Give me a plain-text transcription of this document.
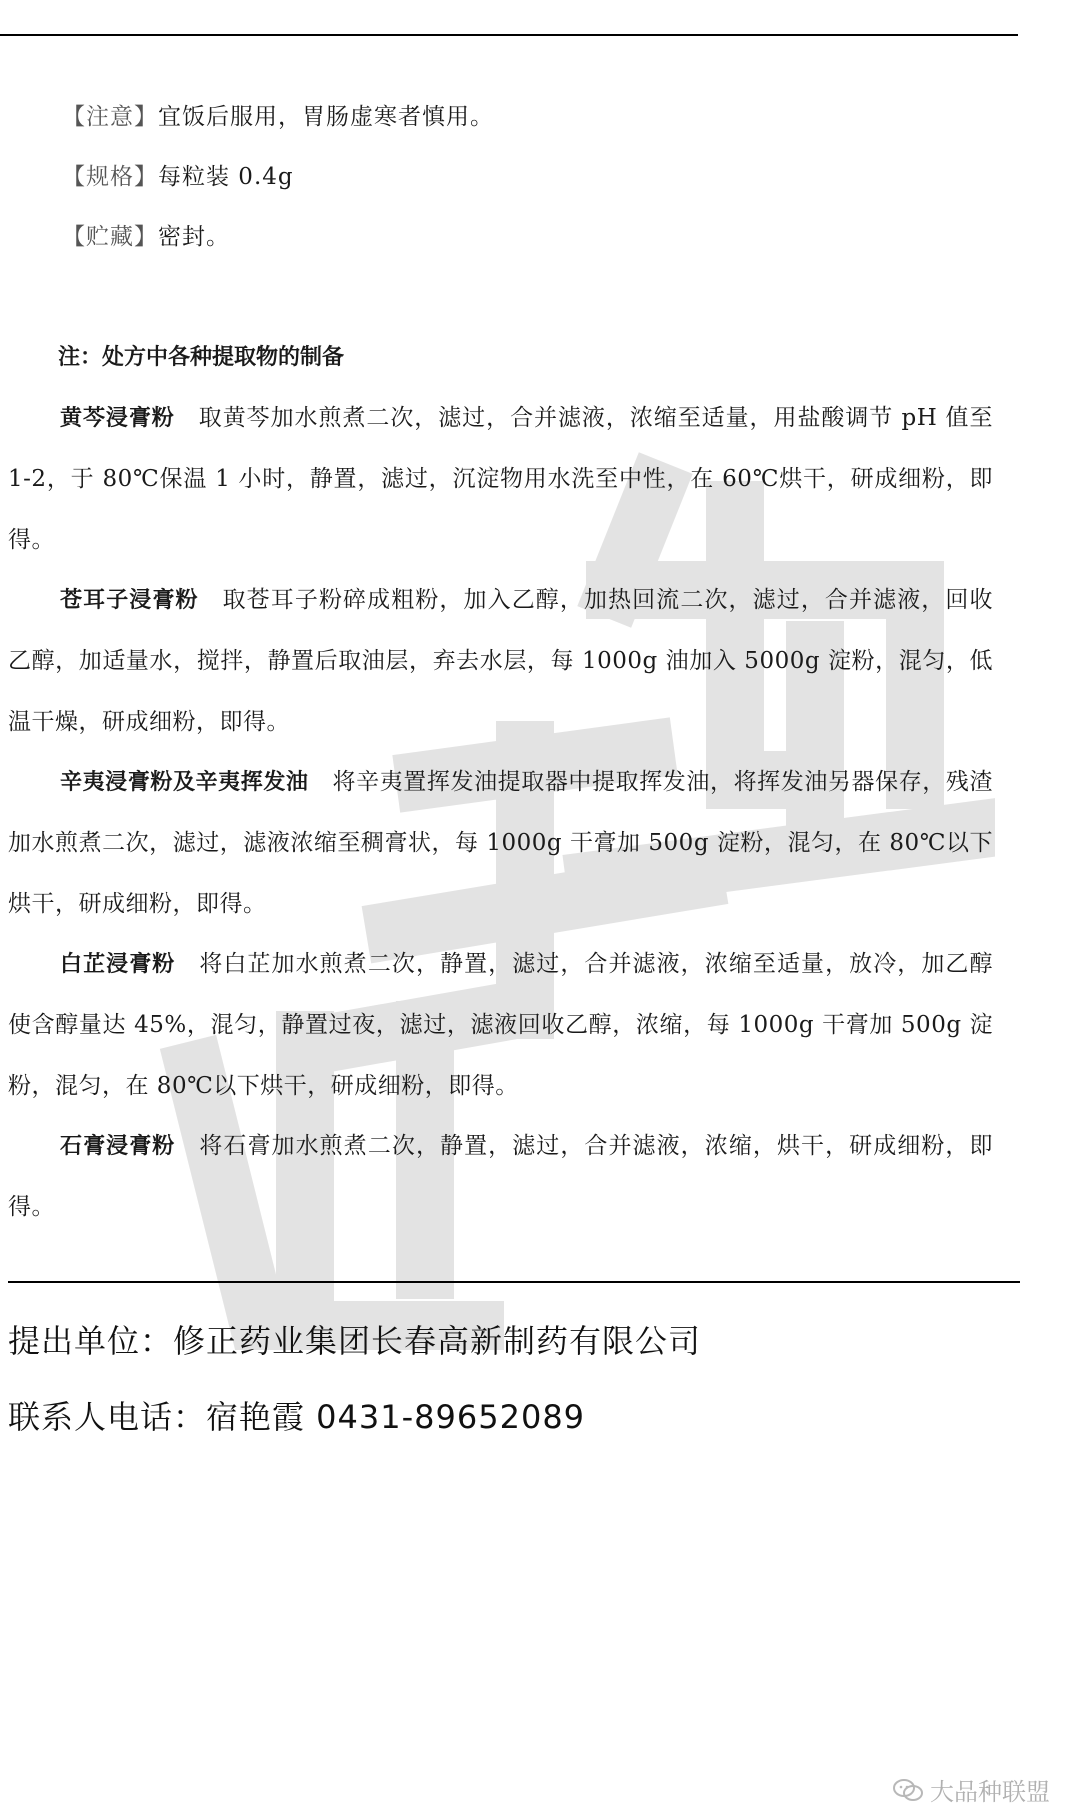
【注意】宜饭后服用，胃肠虚寒者慎用。
【规格】每粒装 0.4g
【贮藏】密封。
注：处方中各种提取物的制备
黄芩浸膏粉 取黄芩加水煎煮二次，滤过，合并滤液，浓缩至适量，用盐酸调节 pH 值至 1-2，于 80℃保温 1 小时，静置，滤过，沉淀物用水洗至中性，在 60℃烘干，研成细粉，即得。
苍耳子浸膏粉 取苍耳子粉碎成粗粉，加入乙醇，加热回流二次，滤过，合并滤液，回收乙醇，加适量水，搅拌，静置后取油层，弃去水层，每 1000g 油加入 5000g 淀粉，混匀，低温干燥，研成细粉，即得。
辛夷浸膏粉及辛夷挥发油 将辛夷置挥发油提取器中提取挥发油，将挥发油另器保存，残渣加水煎煮二次，滤过，滤液浓缩至稠膏状，每 1000g 干膏加 500g 淀粉，混匀，在 80℃以下烘干，研成细粉，即得。
白芷浸膏粉 将白芷加水煎煮二次，静置，滤过，合并滤液，浓缩至适量，放冷，加乙醇使含醇量达 45%，混匀，静置过夜，滤过，滤液回收乙醇，浓缩，每 1000g 干膏加 500g 淀粉，混匀，在 80℃以下烘干，研成细粉，即得。
石膏浸膏粉 将石膏加水煎煮二次，静置，滤过，合并滤液，浓缩，烘干，研成细粉，即得。
提出单位：修正药业集团长春高新制药有限公司
联系人电话：宿艳霞 0431-89652089
大品种联盟
